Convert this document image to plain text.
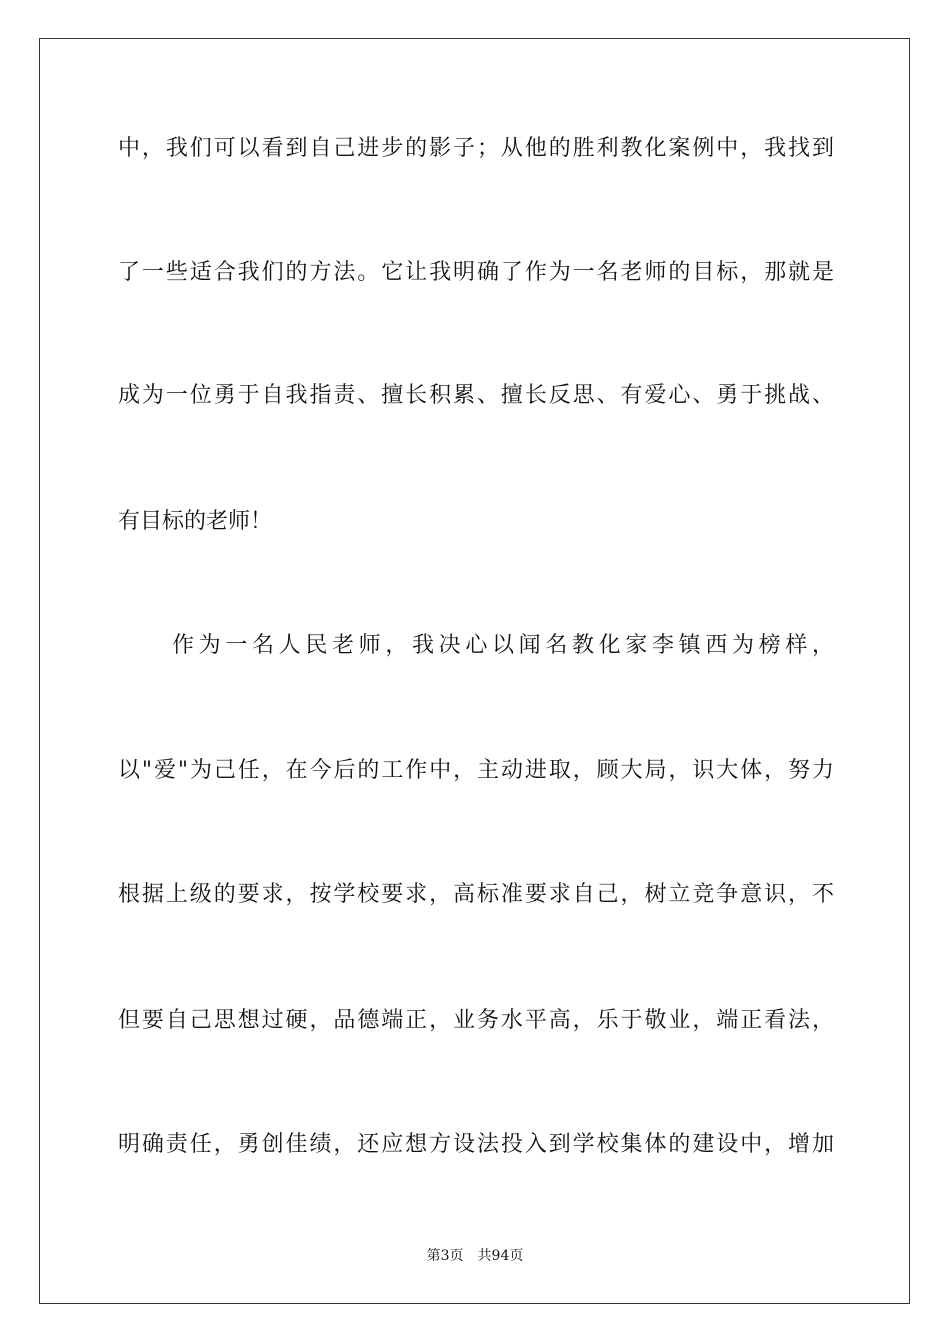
中，我们可以看到自己进步的影子；从他的胜利教化案例中，我找到
了一些适合我们的方法。它让我明确了作为一名老师的目标，那就是
成为一位勇于自我指责、擅长积累、擅长反思、有爱心、勇于挑战、
有目标的老师！
作为一名人民老师，我决心以闻名教化家李镇西为榜样，
以"爱"为己任，在今后的工作中，主动进取，顾大局，识大体，努力
根据上级的要求，按学校要求，高标准要求自己，树立竞争意识，不
但要自己思想过硬，品德端正，业务水平高，乐于敬业，端正看法，
明确责任，勇创佳绩，还应想方设法投入到学校集体的建设中，增加
第3页 共94页
